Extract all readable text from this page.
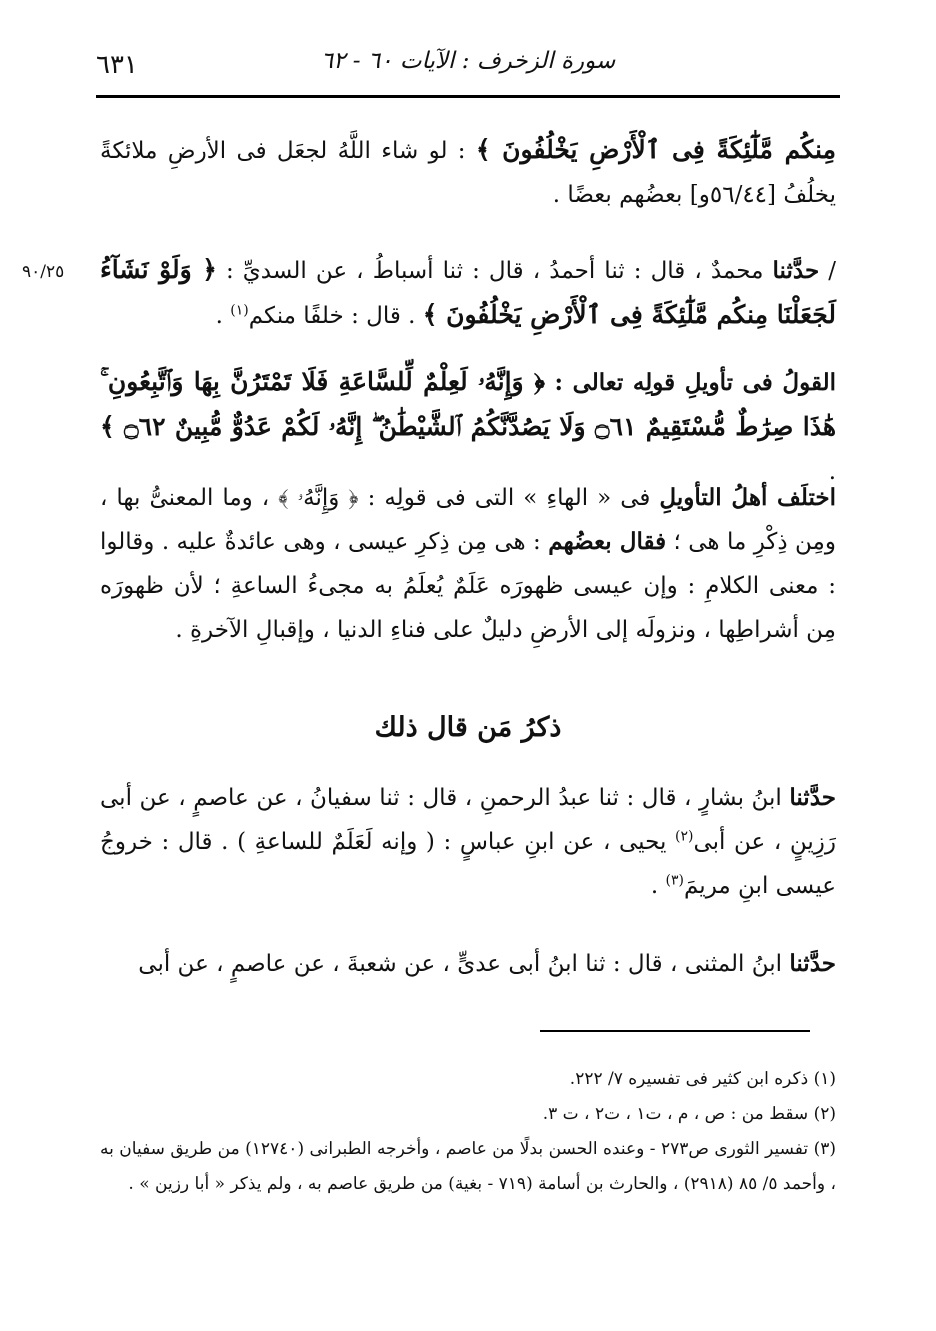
٦٣١	سورة الزخرف : الآيات ٦٠ - ٦٢
٩٠/٢٥

مِنكُم مَّلَٰٓئِكَةً فِى ٱلْأَرْضِ يَخْلُفُونَ ﴾ : لو شاء اللَّهُ لجعَل فى الأرضِ ملائكةً يخلُفُ [٥٦/٤٤و] بعضُهم بعضًا .

/ حدَّثنا محمدٌ ، قال : ثنا أحمدُ ، قال : ثنا أسباطُ ، عن السديِّ : ﴿ وَلَوْ نَشَآءُ لَجَعَلْنَا مِنكُم مَّلَٰٓئِكَةً فِى ٱلْأَرْضِ يَخْلُفُونَ ﴾ . قال : خلفًا منكم$^{(١)}$ .

القولُ فى تأويلِ قولِه تعالى : ﴿ وَإِنَّهُۥ لَعِلْمٌ لِّلسَّاعَةِ فَلَا تَمْتَرُنَّ بِهَا وَٱتَّبِعُونِ ۚ هَٰذَا صِرَٰطٌ مُّسْتَقِيمٌ ۝٦١ وَلَا يَصُدَّنَّكُمُ ٱلشَّيْطَٰنُ ۖ إِنَّهُۥ لَكُمْ عَدُوٌّ مُّبِينٌ ۝٦٢ ﴾ .

اختلَف أهلُ التأويلِ فى « الهاءِ » التى فى قولِه : ﴿ وَإِنَّهُۥ ﴾ ، وما المعنىُّ بها ، ومِن ذِكْرِ ما هى ؛ فقال بعضُهم : هى مِن ذِكرِ عيسى ، وهى عائدةٌ عليه . وقالوا : معنى الكلامِ : وإن عيسى ظهورَه عَلَمٌ يُعلَمُ به مجىءُ الساعةِ ؛ لأن ظهورَه مِن أشراطِها ، ونزولَه إلى الأرضِ دليلٌ على فناءِ الدنيا ، وإقبالِ الآخرةِ .

ذكرُ مَن قال ذلك

حدَّثنا ابنُ بشارٍ ، قال : ثنا عبدُ الرحمنِ ، قال : ثنا سفيانُ ، عن عاصمٍ ، عن أبى رَزِينٍ ، عن أبى$^{(٢)}$ يحيى ، عن ابنِ عباسٍ : ( وإنه لَعَلَمٌ للساعةِ ) . قال : خروجُ عيسى ابنِ مريمَ$^{(٣)}$ .

حدَّثنا ابنُ المثنى ، قال : ثنا ابنُ أبى عدىٍّ ، عن شعبةَ ، عن عاصمٍ ، عن أبى

(١) ذكره ابن كثير فى تفسيره ٧/ ٢٢٢.

(٢) سقط من : ص ، م ، ت١ ، ت٢ ، ت ٣.

(٣) تفسير الثورى ص٢٧٣ - وعنده الحسن بدلًا من عاصم ، وأخرجه الطبرانى (١٢٧٤٠) من طريق سفيان به ، وأحمد ٥/ ٨٥ (٢٩١٨) ، والحارث بن أسامة (٧١٩ - بغية) من طريق عاصم به ، ولم يذكر « أبا رزين » .
